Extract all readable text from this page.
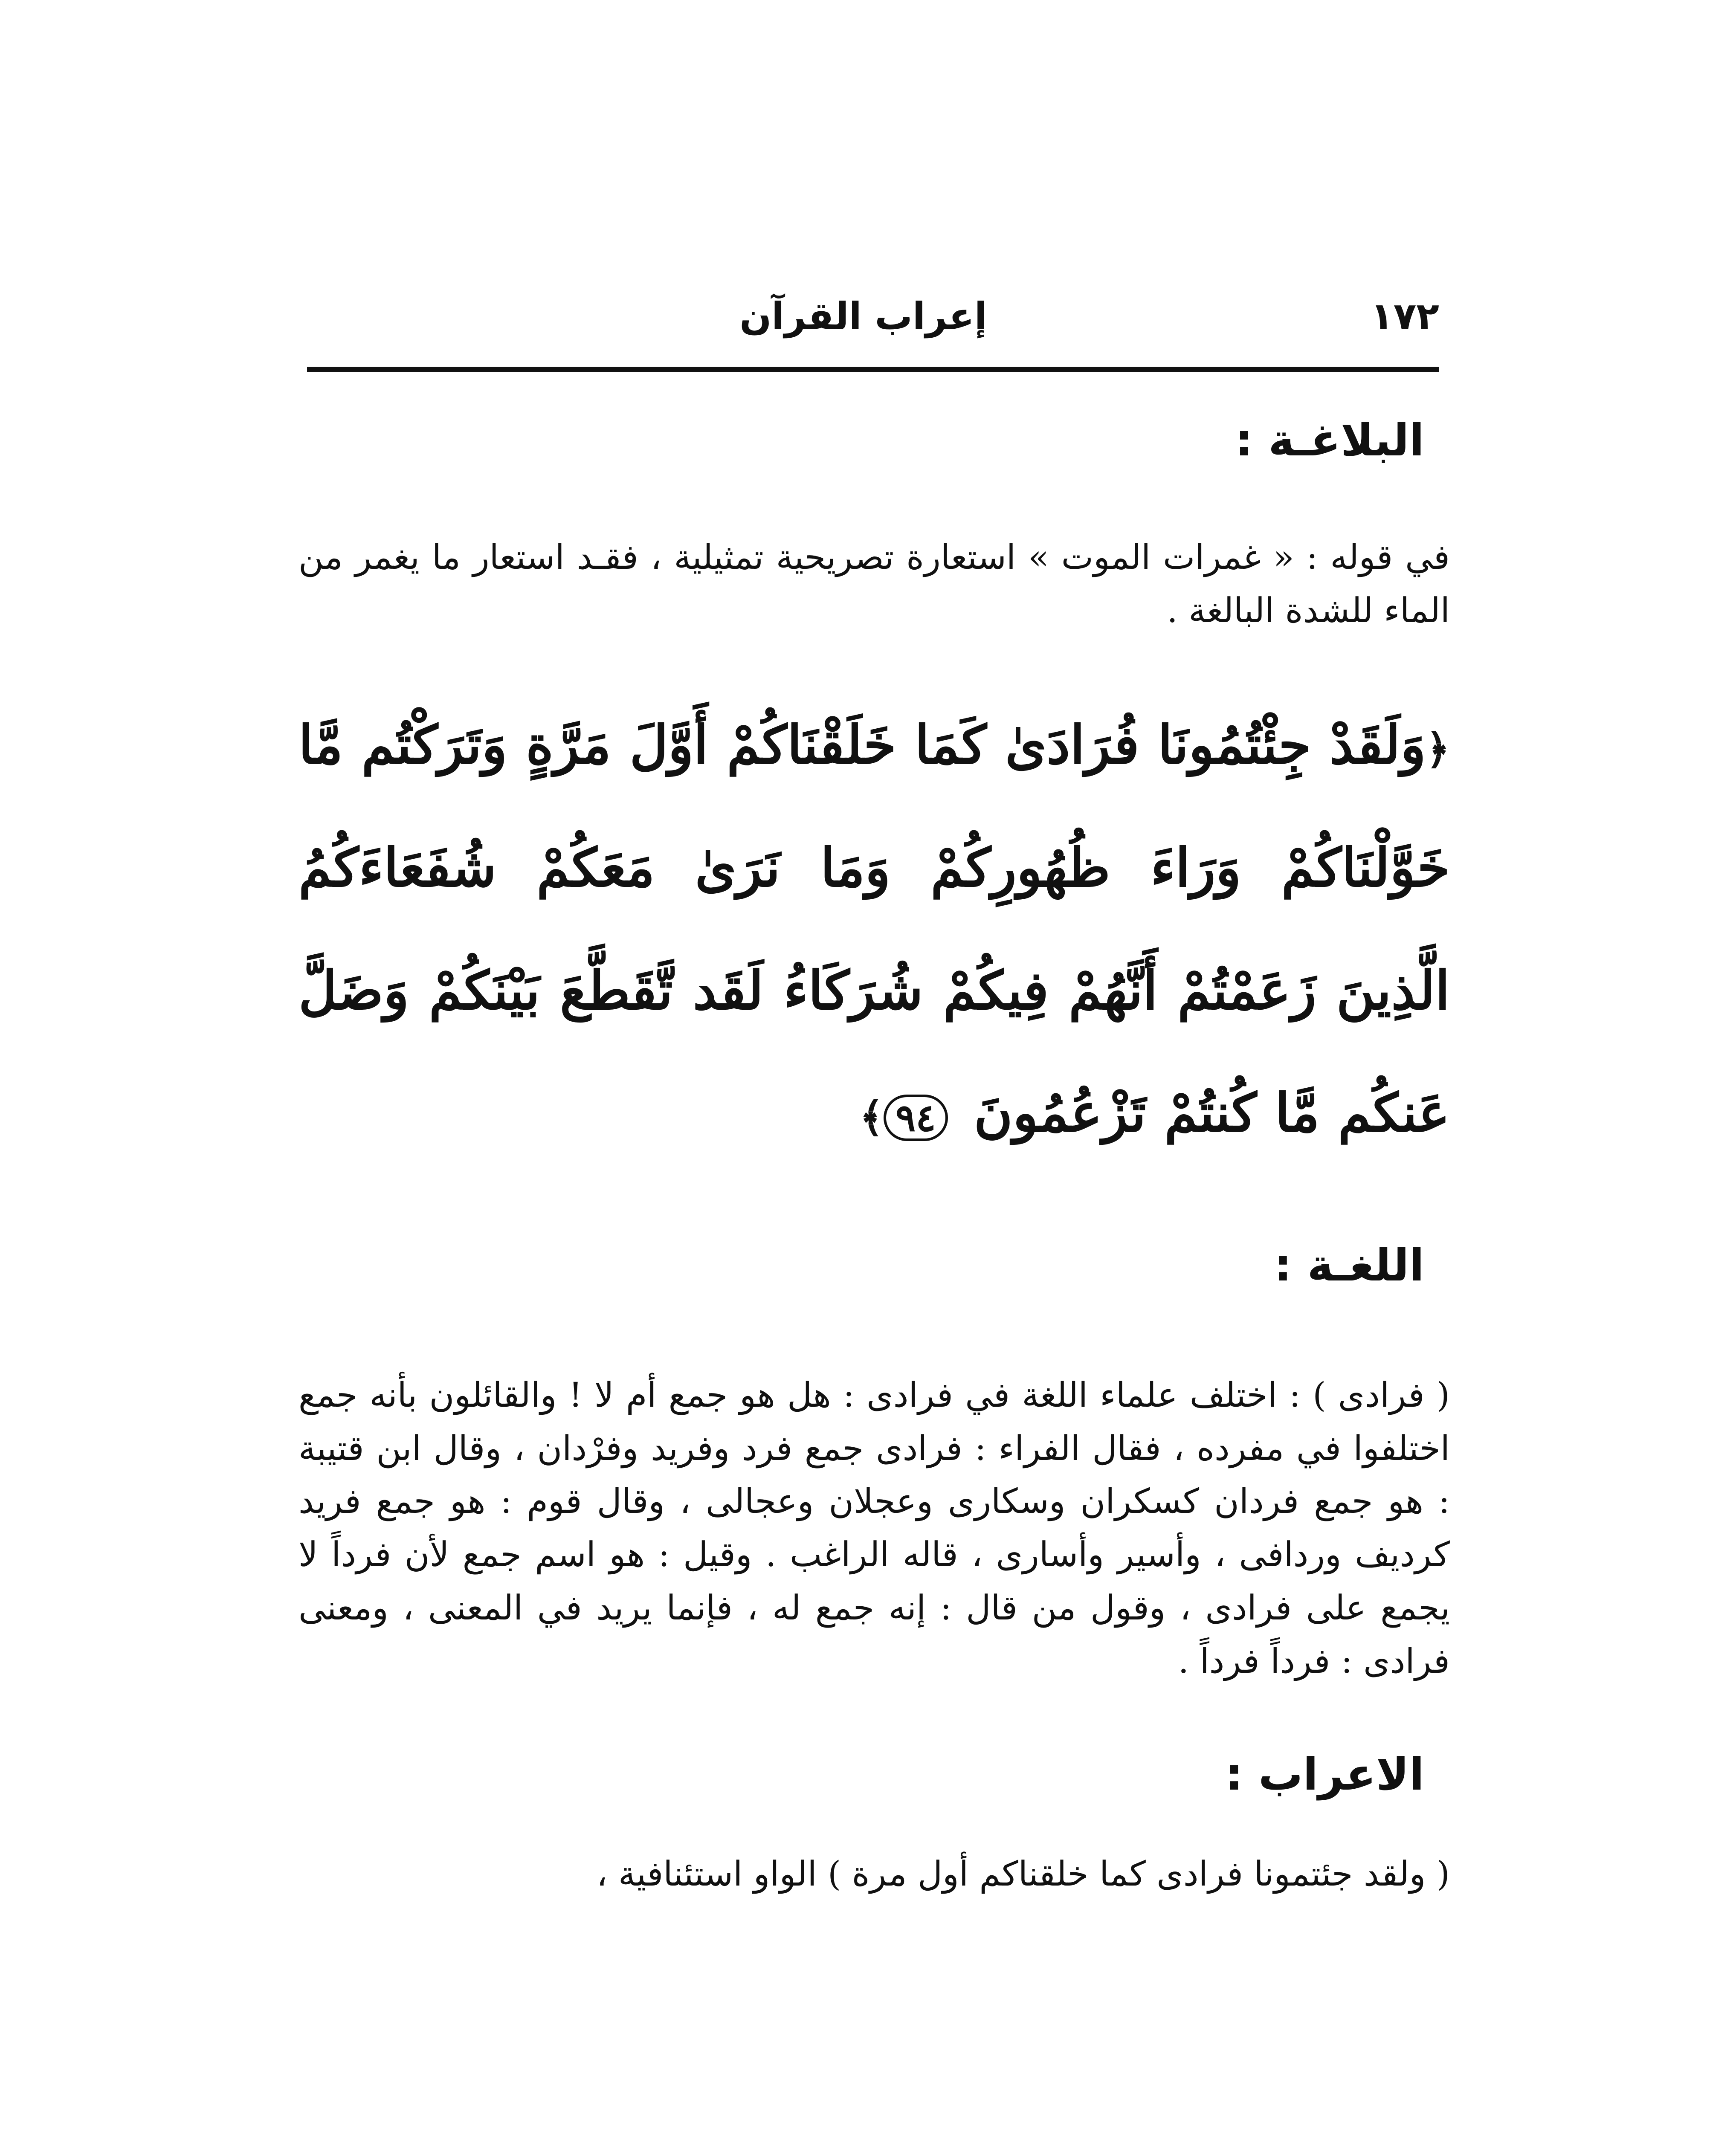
١٧٢
إعراب القرآن
البلاغـة :

في قوله : « غمرات الموت » استعارة تصريحية تمثيلية ، فقـد استعار ما يغمر من الماء للشدة البالغة .

﴿وَلَقَدْ جِئْتُمُونَا فُرَادَىٰ كَمَا خَلَقْنَاكُمْ أَوَّلَ مَرَّةٍ وَتَرَكْتُم مَّا خَوَّلْنَاكُمْ وَرَاءَ ظُهُورِكُمْ وَمَا نَرَىٰ مَعَكُمْ شُفَعَاءَكُمُ الَّذِينَ زَعَمْتُمْ أَنَّهُمْ فِيكُمْ شُرَكَاءُ لَقَد تَّقَطَّعَ بَيْنَكُمْ وَضَلَّ عَنكُم مَّا كُنتُمْ تَزْعُمُونَ ٩٤﴾

اللغـة :

( فرادى ) : اختلف علماء اللغة في فرادى : هل هو جمع أم لا ! والقائلون بأنه جمع اختلفوا في مفرده ، فقال الفراء : فرادى جمع فرد وفريد وفرْدان ، وقال ابن قتيبة : هو جمع فردان كسكران وسكارى وعجلان وعجالى ، وقال قوم : هو جمع فريد كرديف وردافى ، وأسير وأسارى ، قاله الراغب . وقيل : هو اسم جمع لأن فرداً لا يجمع على فرادى ، وقول من قال : إنه جمع له ، فإنما يريد في المعنى ، ومعنى فرادى : فرداً فرداً .

الاعراب :

( ولقد جئتمونا فرادى كما خلقناكم أول مرة ) الواو استئنافية ،
